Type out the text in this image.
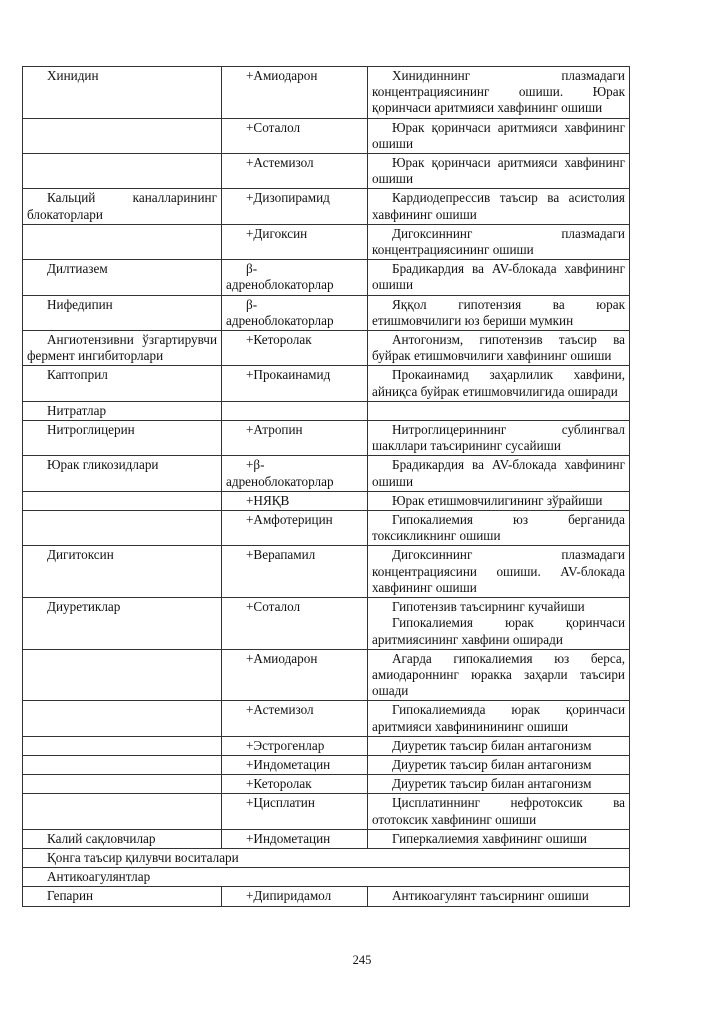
Хинидин	+Амиодарон	Хинидиннинг плазмадаги концентрациясининг ошиши. Юрак қоринчаси аритмияси хавфининг ошиши

	+Соталол	Юрак қоринчаси аритмияси хавфининг ошиши

	+Астемизол	Юрак қоринчаси аритмияси хавфининг ошиши

Кальций каналларининг блокаторлари	+Дизопирамид	Кардиодепрессив таъсир ва асистолия хавфининг ошиши

	+Дигоксин	Дигоксиннинг плазмадаги концентрациясининг ошиши

Дилтиазем	β-адреноблокаторлар	Брадикардия ва AV-блокада хавфининг ошиши

Нифедипин	β-адреноблокаторлар	Яққол гипотензия ва юрак етишмовчилиги юз бериши мумкин

Ангиотензивни ўзгартирувчи фермент ингибиторлари	+Кеторолак	Антогонизм, гипотензив таъсир ва буйрак етишмовчилиги хавфининг ошиши

Каптоприл	+Прокаинамид	Прокаинамид заҳарлилик хавфини, айниқса буйрак етишмовчилигида оширади

Нитратлар		

Нитроглицерин	+Атропин	Нитроглицериннинг сублингвал шакллари таъсирининг сусайиши

Юрак гликозидлари	+β-адреноблокаторлар	Брадикардия ва AV-блокада хавфининг ошиши

	+НЯҚВ	Юрак етишмовчилигининг зўрайиши

	+Амфотерицин	Гипокалиемия юз берганида токсикликнинг ошиши

Дигитоксин	+Верапамил	Дигоксиннинг плазмадаги концентрациясини ошиши. AV-блокада хавфининг ошиши

Диуретиклар	+Соталол	Гипотензив таъсирнинг кучайиши
Гипокалиемия юрак қоринчаси аритмиясининг хавфини оширади

	+Амиодарон	Агарда гипокалиемия юз берса, амиодароннинг юракка заҳарли таъсири ошади

	+Астемизол	Гипокалиемияда юрак қоринчаси аритмияси хавфининининг ошиши

	+Эстрогенлар	Диуретик таъсир билан антагонизм

	+Индометацин	Диуретик таъсир билан антагонизм

	+Кеторолак	Диуретик таъсир билан антагонизм

	+Цисплатин	Цисплатиннинг нефротоксик ва ототоксик хавфининг ошиши

Калий сақловчилар	+Индометацин	Гиперкалиемия хавфининг ошиши

Қонга таъсир қилувчи воситалари		
Антикоагулянтлар		
Гепарин	+Дипиридамол	Антикоагулянт таъсирнинг ошиши
245
